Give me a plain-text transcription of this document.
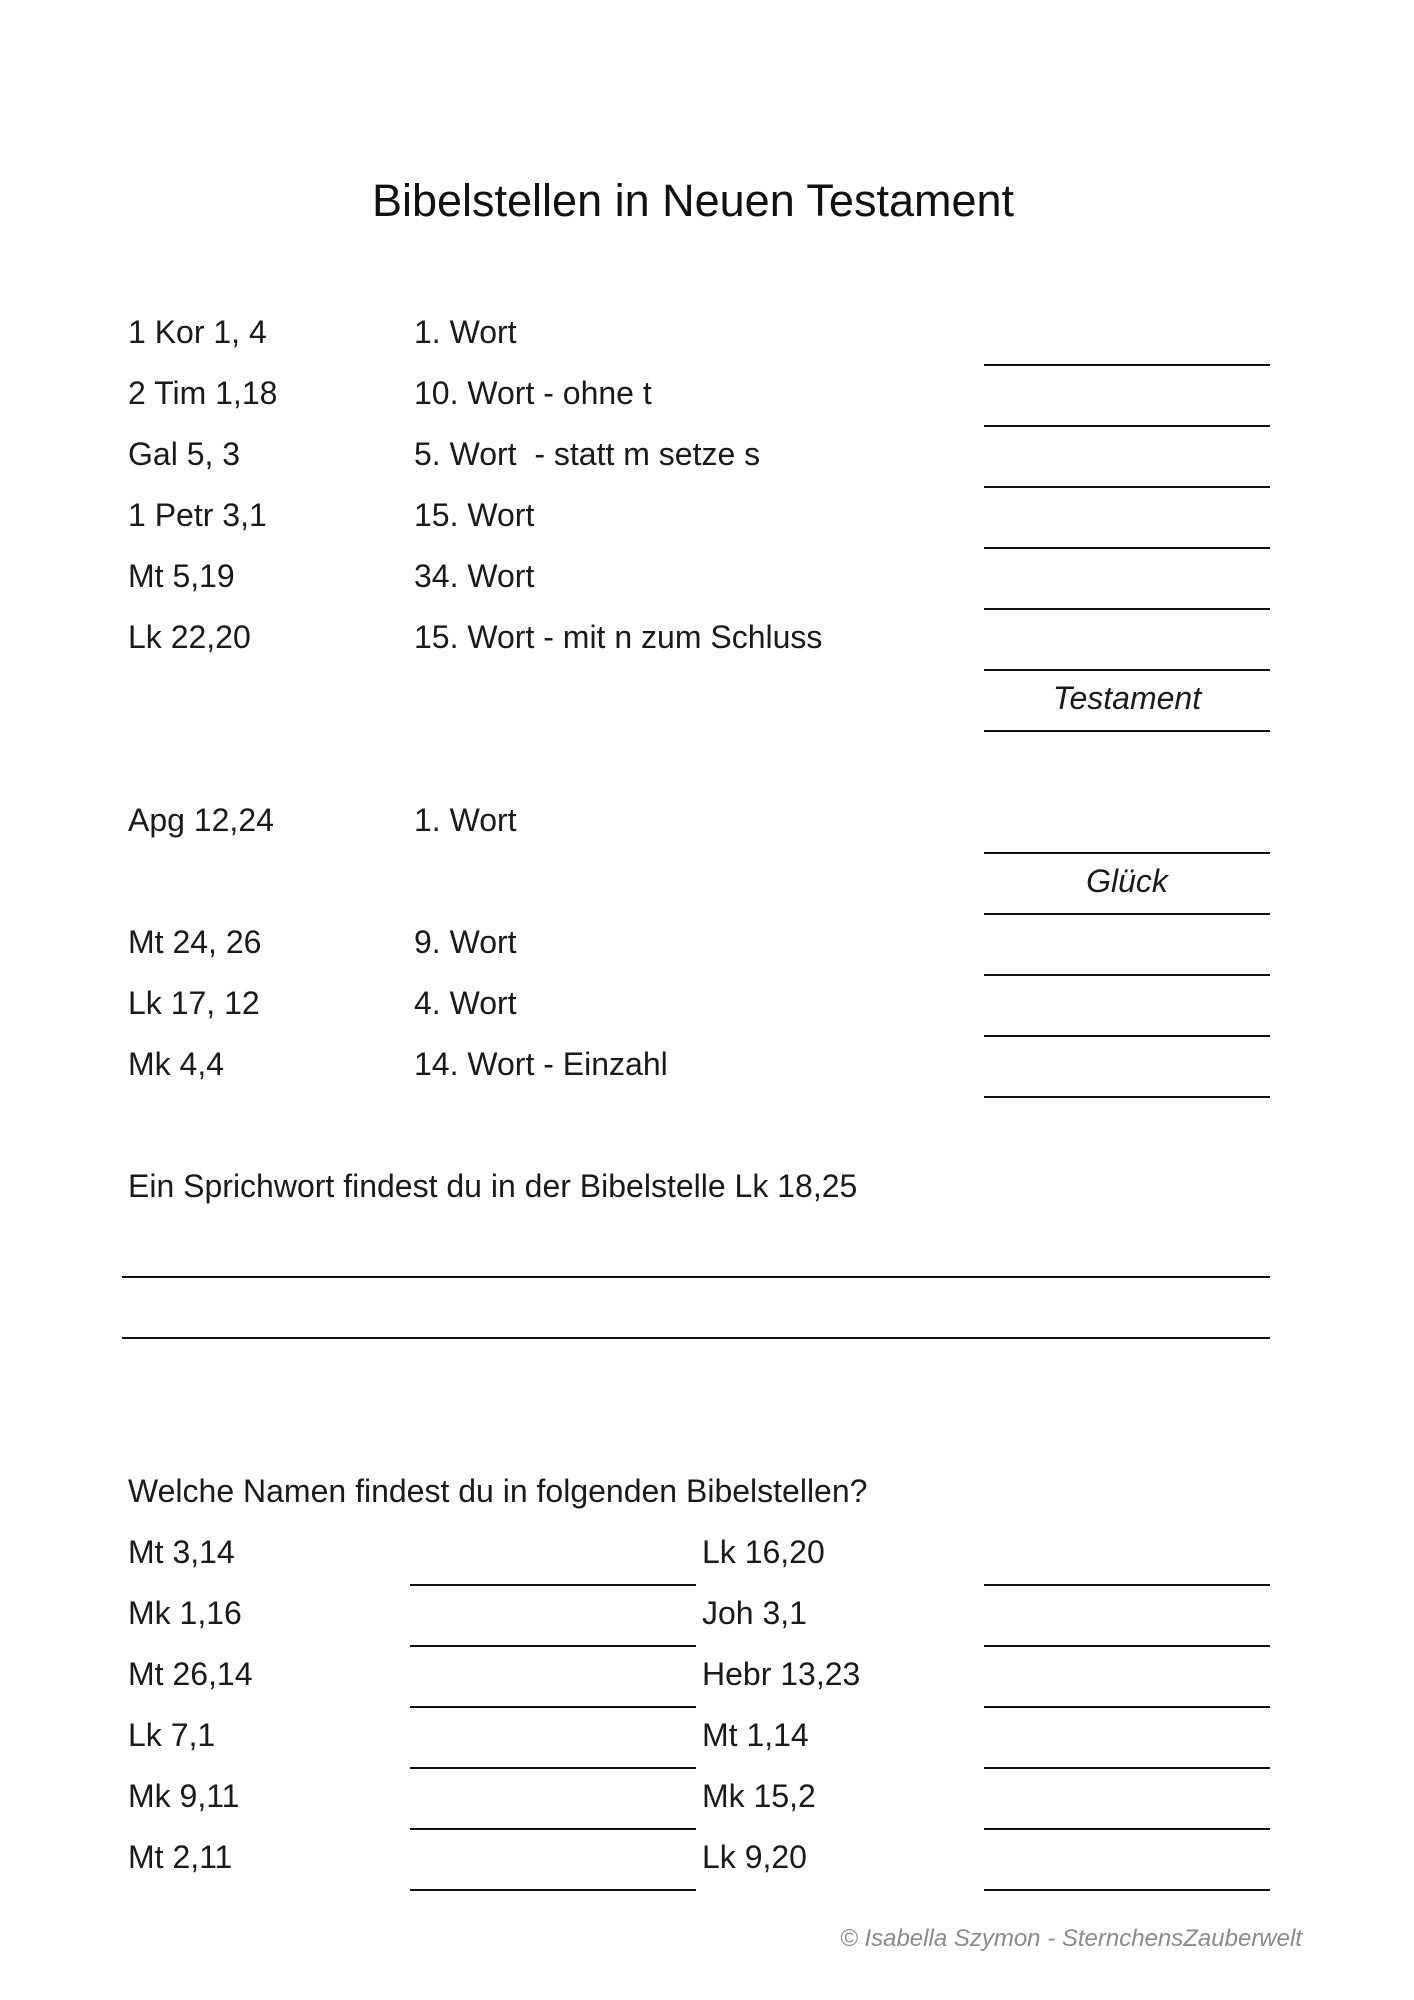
Bibelstellen in Neuen Testament
1 Kor 1, 4	1. Wort
2 Tim 1,18	10. Wort - ohne t
Gal 5, 3	5. Wort  - statt m setze s
1 Petr 3,1	15. Wort
Mt 5,19	34. Wort
Lk 22,20	15. Wort - mit n zum Schluss
Testament
Apg 12,24	1. Wort
Glück
Mt 24, 26	9. Wort
Lk 17, 12	4. Wort
Mk 4,4	14. Wort - Einzahl
Ein Sprichwort findest du in der Bibelstelle Lk 18,25
Welche Namen findest du in folgenden Bibelstellen?
Mt 3,14	Lk 16,20
Mk 1,16	Joh 3,1
Mt 26,14	Hebr 13,23
Lk 7,1	Mt 1,14
Mk 9,11	Mk 15,2
Mt 2,11	Lk 9,20
© Isabella Szymon - SternchensZauberwelt
